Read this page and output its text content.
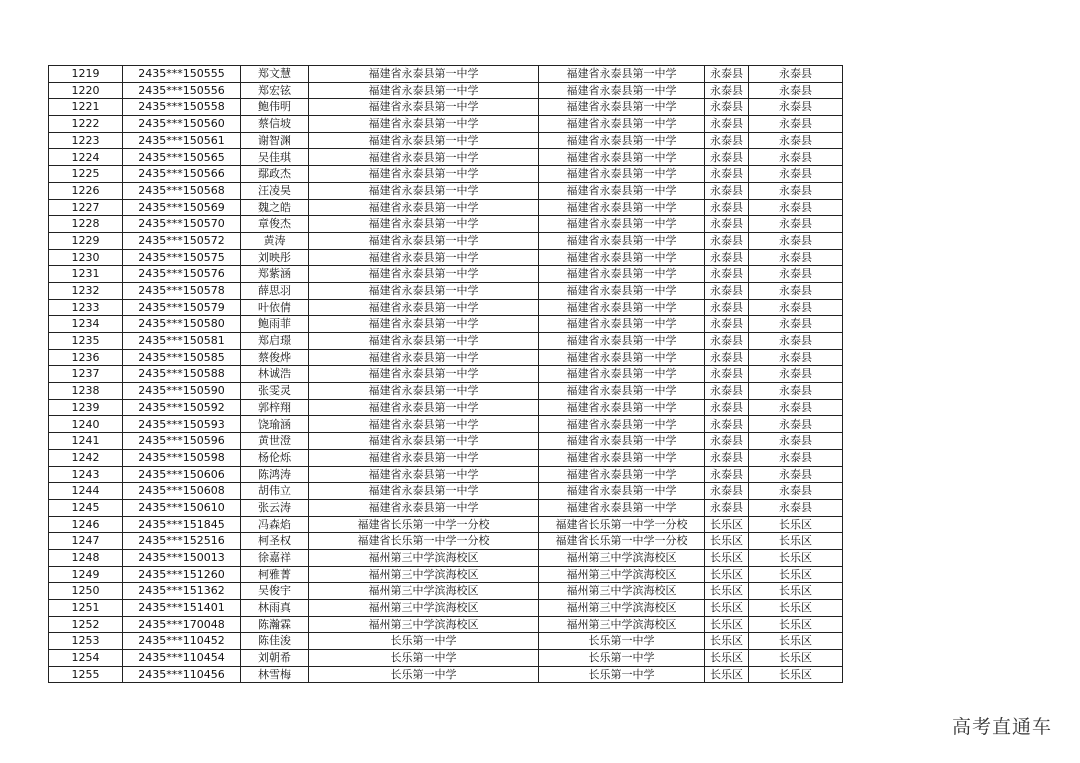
1219	2435***150555	郑文慧	福建省永泰县第一中学	福建省永泰县第一中学	永泰县	永泰县
1220	2435***150556	郑宏铉	福建省永泰县第一中学	福建省永泰县第一中学	永泰县	永泰县
1221	2435***150558	鲍伟明	福建省永泰县第一中学	福建省永泰县第一中学	永泰县	永泰县
1222	2435***150560	蔡信坡	福建省永泰县第一中学	福建省永泰县第一中学	永泰县	永泰县
1223	2435***150561	谢智渊	福建省永泰县第一中学	福建省永泰县第一中学	永泰县	永泰县
1224	2435***150565	吴佳琪	福建省永泰县第一中学	福建省永泰县第一中学	永泰县	永泰县
1225	2435***150566	鄢政杰	福建省永泰县第一中学	福建省永泰县第一中学	永泰县	永泰县
1226	2435***150568	汪凌昊	福建省永泰县第一中学	福建省永泰县第一中学	永泰县	永泰县
1227	2435***150569	魏之皓	福建省永泰县第一中学	福建省永泰县第一中学	永泰县	永泰县
1228	2435***150570	章俊杰	福建省永泰县第一中学	福建省永泰县第一中学	永泰县	永泰县
1229	2435***150572	黄涛	福建省永泰县第一中学	福建省永泰县第一中学	永泰县	永泰县
1230	2435***150575	刘映彤	福建省永泰县第一中学	福建省永泰县第一中学	永泰县	永泰县
1231	2435***150576	郑紫涵	福建省永泰县第一中学	福建省永泰县第一中学	永泰县	永泰县
1232	2435***150578	薛思羽	福建省永泰县第一中学	福建省永泰县第一中学	永泰县	永泰县
1233	2435***150579	叶依倩	福建省永泰县第一中学	福建省永泰县第一中学	永泰县	永泰县
1234	2435***150580	鲍雨菲	福建省永泰县第一中学	福建省永泰县第一中学	永泰县	永泰县
1235	2435***150581	郑启璟	福建省永泰县第一中学	福建省永泰县第一中学	永泰县	永泰县
1236	2435***150585	蔡俊烨	福建省永泰县第一中学	福建省永泰县第一中学	永泰县	永泰县
1237	2435***150588	林诚浩	福建省永泰县第一中学	福建省永泰县第一中学	永泰县	永泰县
1238	2435***150590	张雯灵	福建省永泰县第一中学	福建省永泰县第一中学	永泰县	永泰县
1239	2435***150592	郭梓翔	福建省永泰县第一中学	福建省永泰县第一中学	永泰县	永泰县
1240	2435***150593	饶瑜涵	福建省永泰县第一中学	福建省永泰县第一中学	永泰县	永泰县
1241	2435***150596	黄世澄	福建省永泰县第一中学	福建省永泰县第一中学	永泰县	永泰县
1242	2435***150598	杨伦烁	福建省永泰县第一中学	福建省永泰县第一中学	永泰县	永泰县
1243	2435***150606	陈鸿涛	福建省永泰县第一中学	福建省永泰县第一中学	永泰县	永泰县
1244	2435***150608	胡伟立	福建省永泰县第一中学	福建省永泰县第一中学	永泰县	永泰县
1245	2435***150610	张云涛	福建省永泰县第一中学	福建省永泰县第一中学	永泰县	永泰县
1246	2435***151845	冯森焰	福建省长乐第一中学一分校	福建省长乐第一中学一分校	长乐区	长乐区
1247	2435***152516	柯圣权	福建省长乐第一中学一分校	福建省长乐第一中学一分校	长乐区	长乐区
1248	2435***150013	徐嘉祥	福州第三中学滨海校区	福州第三中学滨海校区	长乐区	长乐区
1249	2435***151260	柯雅菁	福州第三中学滨海校区	福州第三中学滨海校区	长乐区	长乐区
1250	2435***151362	吴俊宇	福州第三中学滨海校区	福州第三中学滨海校区	长乐区	长乐区
1251	2435***151401	林雨真	福州第三中学滨海校区	福州第三中学滨海校区	长乐区	长乐区
1252	2435***170048	陈瀚霖	福州第三中学滨海校区	福州第三中学滨海校区	长乐区	长乐区
1253	2435***110452	陈佳浚	长乐第一中学	长乐第一中学	长乐区	长乐区
1254	2435***110454	刘朝希	长乐第一中学	长乐第一中学	长乐区	长乐区
1255	2435***110456	林雪梅	长乐第一中学	长乐第一中学	长乐区	长乐区
高考直通车
